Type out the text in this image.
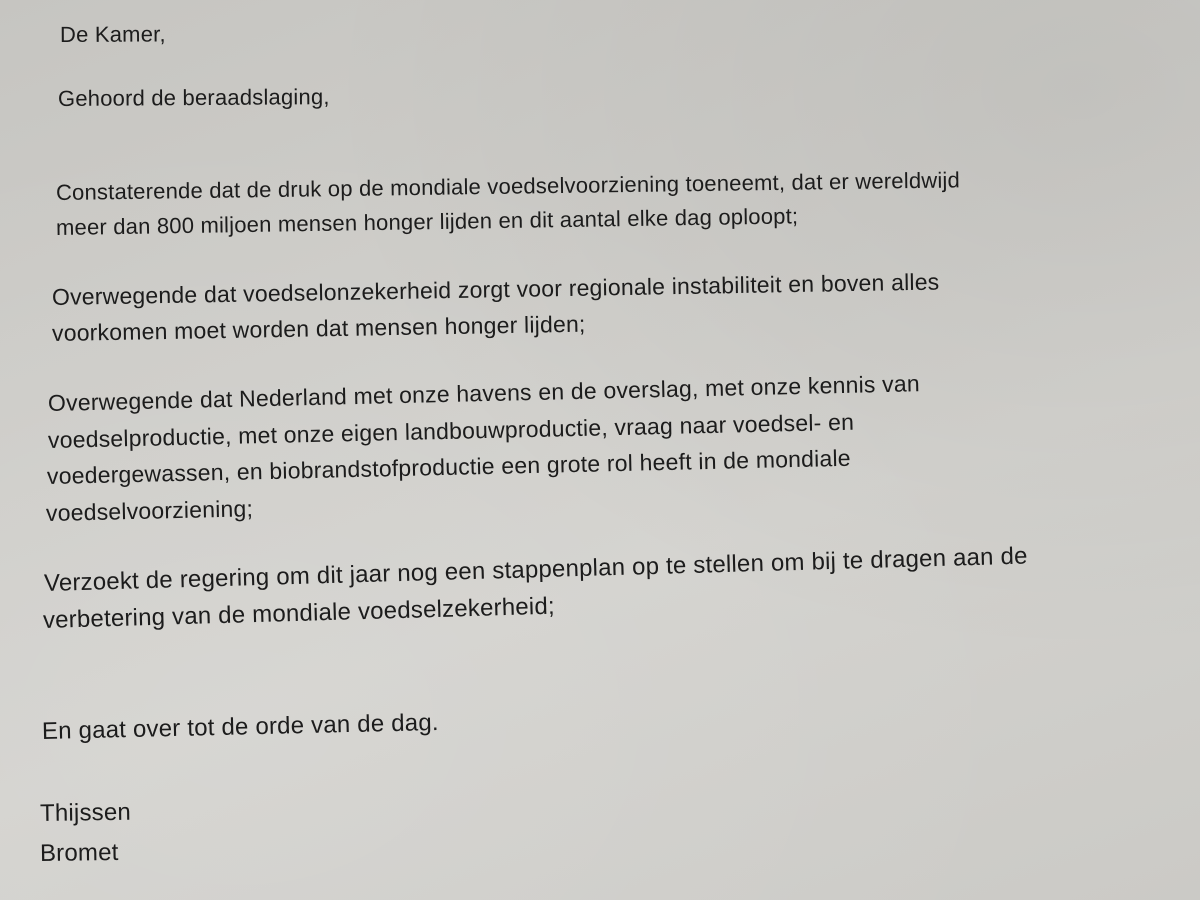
De Kamer,
Gehoord de beraadslaging,
Constaterende dat de druk op de mondiale voedselvoorziening toeneemt, dat er wereldwijd
meer dan 800 miljoen mensen honger lijden en dit aantal elke dag oploopt;
Overwegende dat voedselonzekerheid zorgt voor regionale instabiliteit en boven alles
voorkomen moet worden dat mensen honger lijden;
Overwegende dat Nederland met onze havens en de overslag, met onze kennis van
voedselproductie, met onze eigen landbouwproductie, vraag naar voedsel- en
voedergewassen, en biobrandstofproductie een grote rol heeft in de mondiale
voedselvoorziening;
Verzoekt de regering om dit jaar nog een stappenplan op te stellen om bij te dragen aan de
verbetering van de mondiale voedselzekerheid;
En gaat over tot de orde van de dag.
Thijssen
Bromet
